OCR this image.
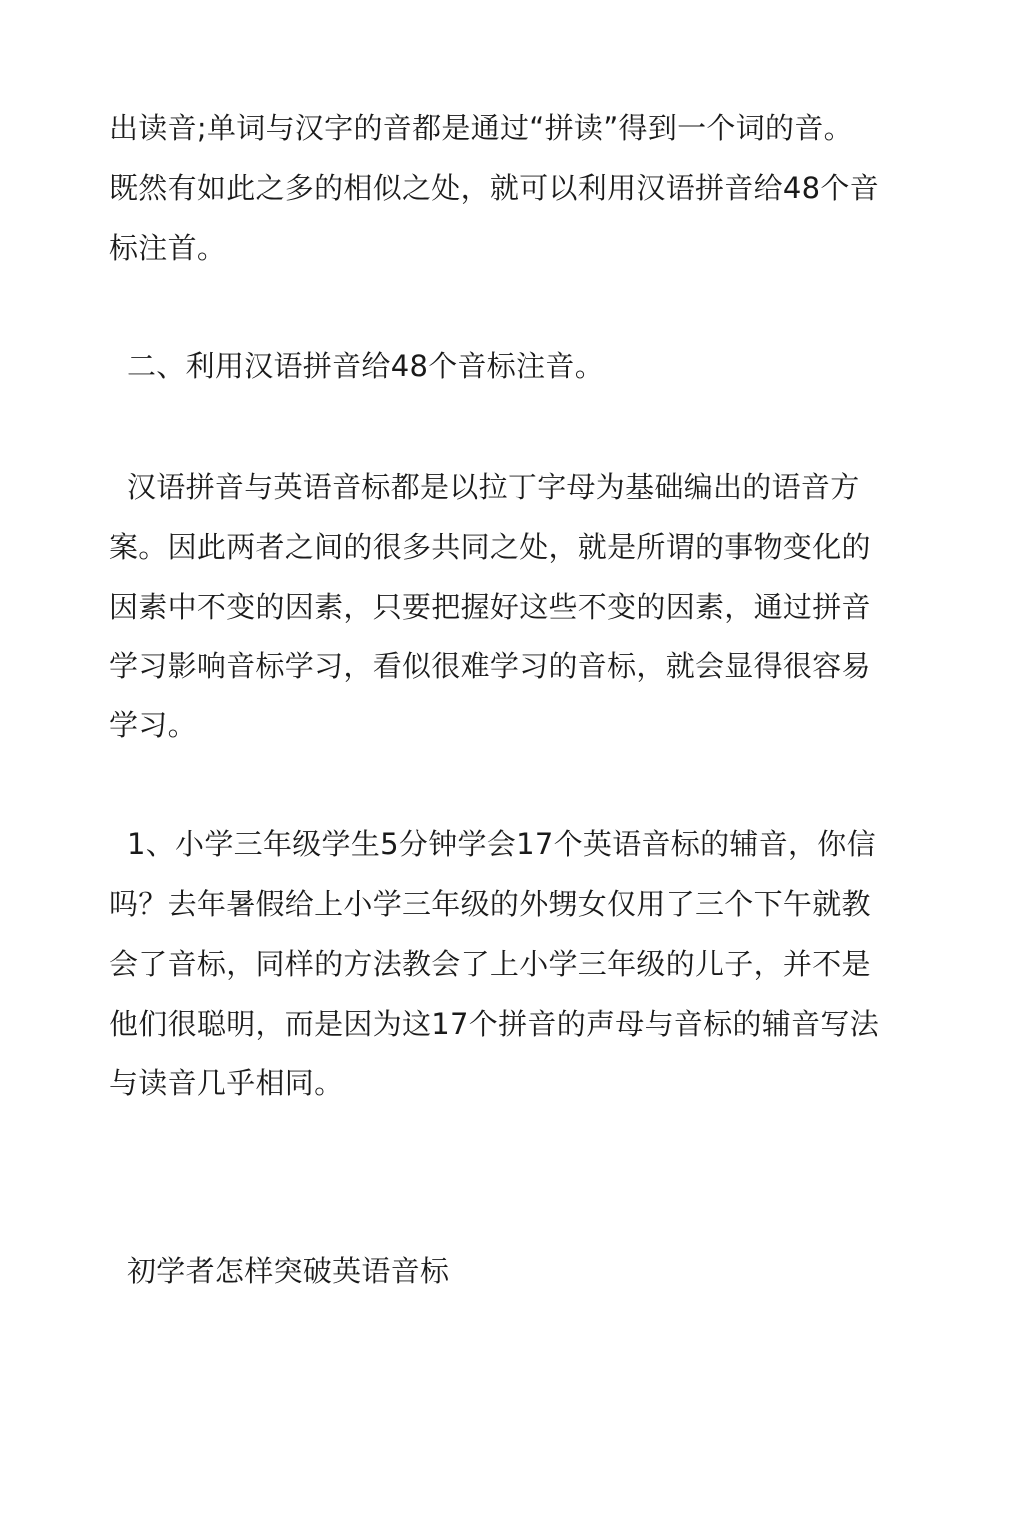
出读音;单词与汉字的音都是通过“拼读”得到一个词的音。
既然有如此之多的相似之处，就可以利用汉语拼音给48个音
标注首。
二、利用汉语拼音给48个音标注音。
汉语拼音与英语音标都是以拉丁字母为基础编出的语音方
案。因此两者之间的很多共同之处，就是所谓的事物变化的
因素中不变的因素，只要把握好这些不变的因素，通过拼音
学习影响音标学习，看似很难学习的音标，就会显得很容易
学习。
1、小学三年级学生5分钟学会17个英语音标的辅音，你信
吗？去年暑假给上小学三年级的外甥女仅用了三个下午就教
会了音标，同样的方法教会了上小学三年级的儿子，并不是
他们很聪明，而是因为这17个拼音的声母与音标的辅音写法
与读音几乎相同。
初学者怎样突破英语音标
